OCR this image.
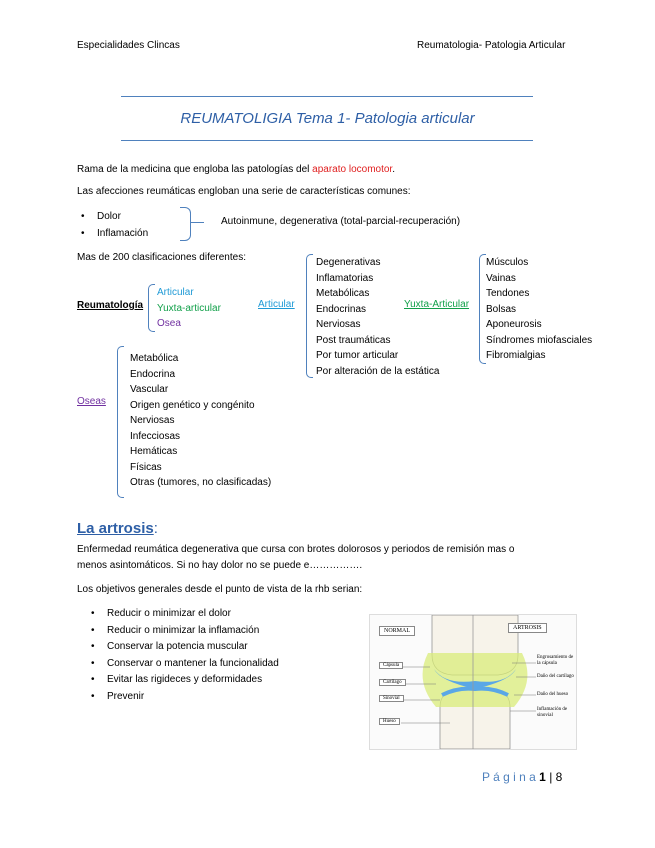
Especialidades Clincas	Reumatologia- Patologia Articular
REUMATOLIGIA Tema 1- Patologia articular
Rama de la medicina que engloba las patologías del aparato locomotor.
Las afecciones reumáticas engloban una serie de características comunes:
• Dolor
• Inflamación
Autoinmune, degenerativa (total-parcial-recuperación)
Mas de 200 clasificaciones diferentes:
Reumatología
Articular
Yuxta-articular
Osea
Articular
Degenerativas
Inflamatorias
Metabólicas
Endocrinas
Nerviosas
Post traumáticas
Por tumor articular
Por alteración de la estática
Yuxta-Articular
Músculos
Vainas
Tendones
Bolsas
Aponeurosis
Síndromes miofasciales
Fibromialgias
Oseas
Metabólica
Endocrina
Vascular
Origen genético y congénito
Nerviosas
Infecciosas
Hemáticas
Físicas
Otras (tumores, no clasificadas)
La artrosis:
Enfermedad reumática degenerativa que cursa con brotes dolorosos y periodos de remisión mas o
menos asintomáticos. Si no hay dolor no se puede e…………….
Los objetivos generales desde el punto de vista de la rhb serian:
• Reducir o minimizar el dolor
• Reducir o minimizar la inflamación
• Conservar la potencia muscular
• Conservar o mantener la funcionalidad
• Evitar las rigideces y deformidades
• Prevenir
NORMAL	ARTROSIS
Cápsula
Cartílago
Sinovial
Hueso
Engrosamiento de la cápsula
Daño del cartílago
Daño del hueso
Inflamación de sinovial
P á g i n a 1 | 8
